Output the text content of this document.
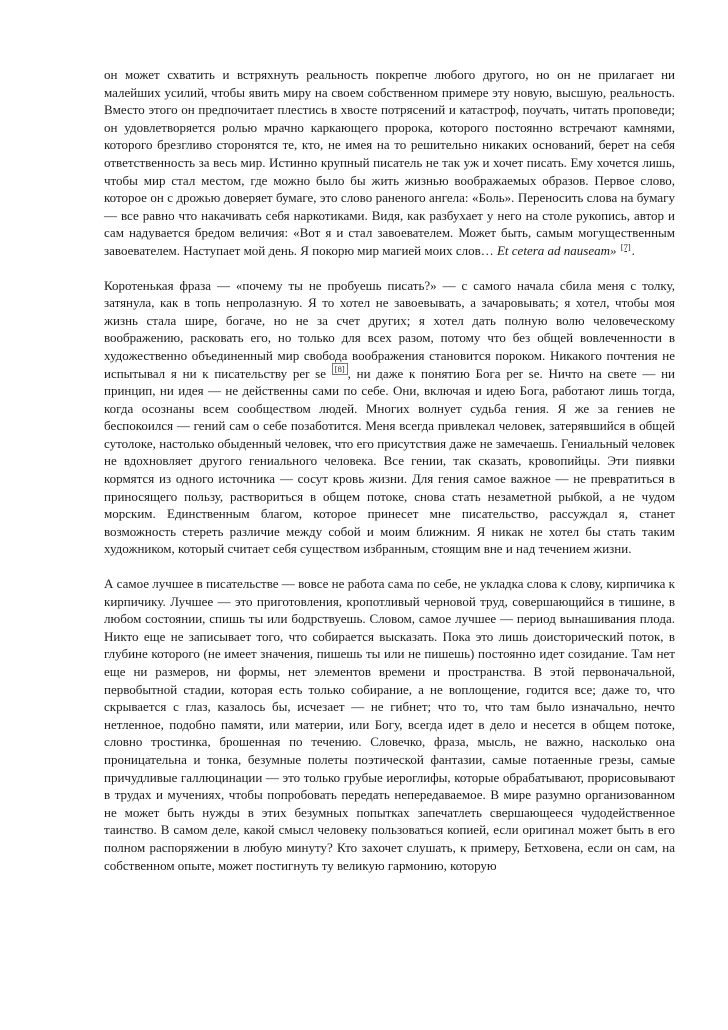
он может схватить и встряхнуть реальность покрепче любого другого, но он не прилагает ни малейших усилий, чтобы явить миру на своем собственном примере эту новую, высшую, реальность. Вместо этого он предпочитает плестись в хвосте потрясений и катастроф, поучать, читать проповеди; он удовлетворяется ролью мрачно каркающего пророка, которого постоянно встречают камнями, которого брезгливо сторонятся те, кто, не имея на то решительно никаких оснований, берет на себя ответственность за весь мир. Истинно крупный писатель не так уж и хочет писать. Ему хочется лишь, чтобы мир стал местом, где можно было бы жить жизнью воображаемых образов. Первое слово, которое он с дрожью доверяет бумаге, это слово раненого ангела: «Боль». Переносить слова на бумагу — все равно что накачивать себя наркотиками. Видя, как разбухает у него на столе рукопись, автор и сам надувается бредом величия: «Вот я и стал завоевателем. Может быть, самым могущественным завоевателем. Наступает мой день. Я покорю мир магией моих слов… Et cetera ad nauseam» [7].

Коротенькая фраза — «почему ты не пробуешь писать?» — с самого начала сбила меня с толку, затянула, как в топь непролазную. Я то хотел не завоевывать, а зачаровывать; я хотел, чтобы моя жизнь стала шире, богаче, но не за счет других; я хотел дать полную волю человеческому воображению, расковать его, но только для всех разом, потому что без общей вовлеченности в художественно объединенный мир свобода воображения становится пороком. Никакого почтения не испытывал я ни к писательству per se [8] , ни даже к понятию Бога per se. Ничто на свете — ни принцип, ни идея — не действенны сами по себе. Они, включая и идею Бога, работают лишь тогда, когда осознаны всем сообществом людей. Многих волнует судьба гения. Я же за гениев не беспокоился — гений сам о себе позаботится. Меня всегда привлекал человек, затерявшийся в общей сутолоке, настолько обыденный человек, что его присутствия даже не замечаешь. Гениальный человек не вдохновляет другого гениального человека. Все гении, так сказать, кровопийцы. Эти пиявки кормятся из одного источника — сосут кровь жизни. Для гения самое важное — не превратиться в приносящего пользу, раствориться в общем потоке, снова стать незаметной рыбкой, а не чудом морским. Единственным благом, которое принесет мне писательство, рассуждал я, станет возможность стереть различие между собой и моим ближним. Я никак не хотел бы стать таким художником, который считает себя существом избранным, стоящим вне и над течением жизни.

А самое лучшее в писательстве — вовсе не работа сама по себе, не укладка слова к слову, кирпичика к кирпичику. Лучшее — это приготовления, кропотливый черновой труд, совершающийся в тишине, в любом состоянии, спишь ты или бодрствуешь. Словом, самое лучшее — период вынашивания плода. Никто еще не записывает того, что собирается высказать. Пока это лишь доисторический поток, в глубине которого (не имеет значения, пишешь ты или не пишешь) постоянно идет созидание. Там нет еще ни размеров, ни формы, нет элементов времени и пространства. В этой первоначальной, первобытной стадии, которая есть только собирание, а не воплощение, годится все; даже то, что скрывается с глаз, казалось бы, исчезает — не гибнет; что то, что там было изначально, нечто нетленное, подобно памяти, или материи, или Богу, всегда идет в дело и несется в общем потоке, словно тростинка, брошенная по течению. Словечко, фраза, мысль, не важно, насколько она проницательна и тонка, безумные полеты поэтической фантазии, самые потаенные грезы, самые причудливые галлюцинации — это только грубые иероглифы, которые обрабатывают, прорисовывают в трудах и мучениях, чтобы попробовать передать непередаваемое. В мире разумно организованном не может быть нужды в этих безумных попытках запечатлеть свершающееся чудодейственное таинство. В самом деле, какой смысл человеку пользоваться копией, если оригинал может быть в его полном распоряжении в любую минуту? Кто захочет слушать, к примеру, Бетховена, если он сам, на собственном опыте, может постигнуть ту великую гармонию, которую
